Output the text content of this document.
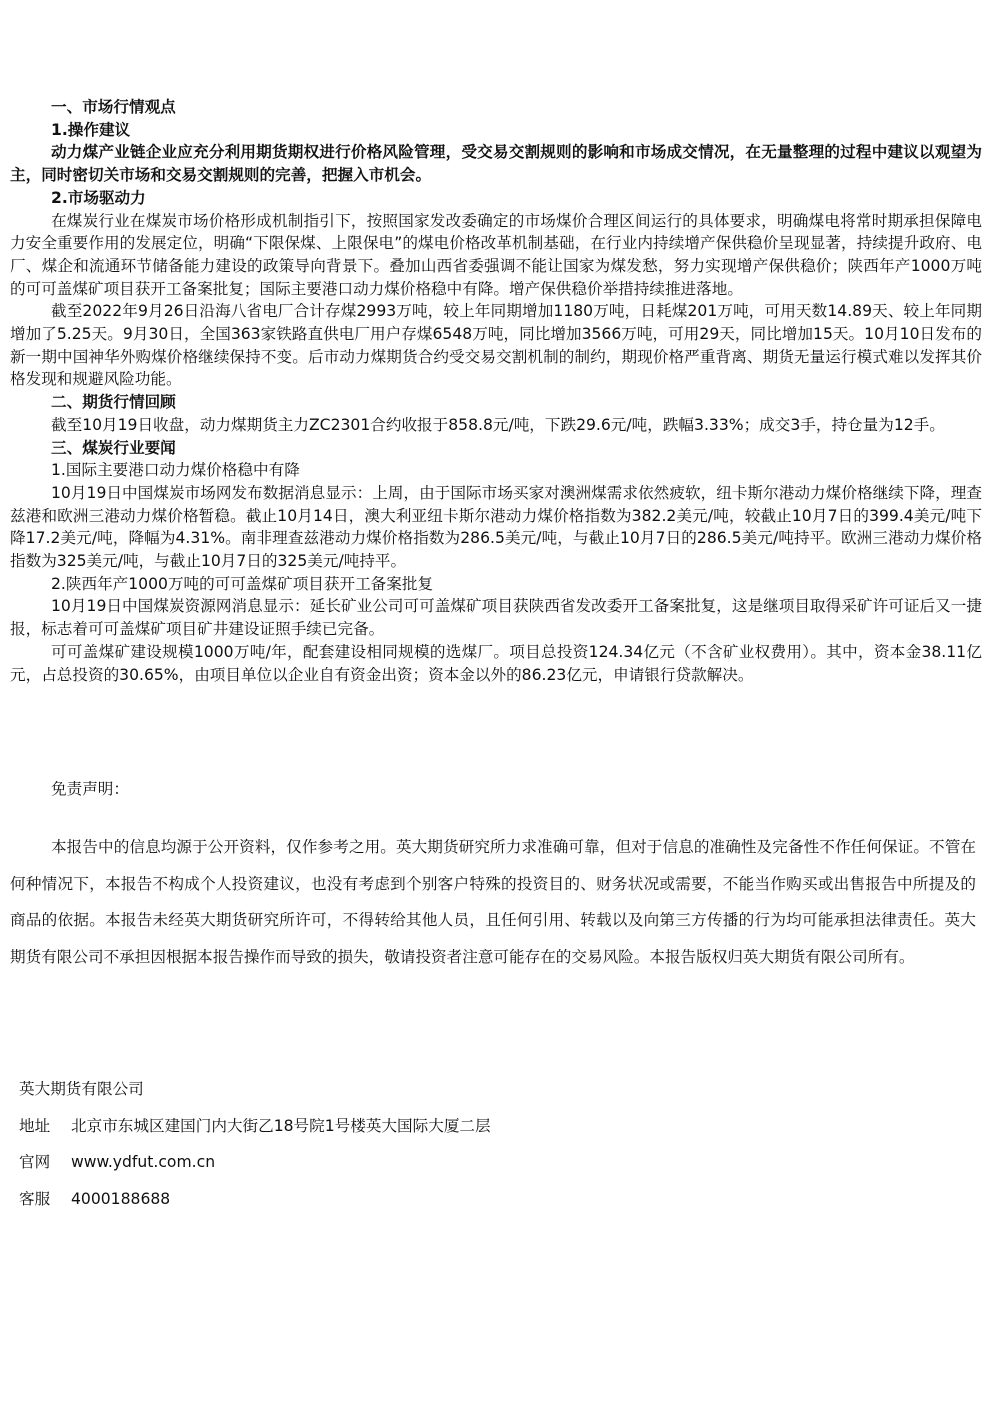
一、市场行情观点

1.操作建议

动力煤产业链企业应充分利用期货期权进行价格风险管理，受交易交割规则的影响和市场成交情况，在无量整理的过程中建议以观望为主，同时密切关市场和交易交割规则的完善，把握入市机会。

2.市场驱动力

在煤炭行业在煤炭市场价格形成机制指引下，按照国家发改委确定的市场煤价合理区间运行的具体要求，明确煤电将常时期承担保障电力安全重要作用的发展定位，明确“下限保煤、上限保电”的煤电价格改革机制基础，在行业内持续增产保供稳价呈现显著，持续提升政府、电厂、煤企和流通环节储备能力建设的政策导向背景下。叠加山西省委强调不能让国家为煤发愁，努力实现增产保供稳价；陕西年产1000万吨的可可盖煤矿项目获开工备案批复；国际主要港口动力煤价格稳中有降。增产保供稳价举措持续推进落地。

截至2022年9月26日沿海八省电厂合计存煤2993万吨，较上年同期增加1180万吨，日耗煤201万吨，可用天数14.89天、较上年同期增加了5.25天。9月30日，全国363家铁路直供电厂用户存煤6548万吨，同比增加3566万吨，可用29天，同比增加15天。10月10日发布的新一期中国神华外购煤价格继续保持不变。后市动力煤期货合约受交易交割机制的制约，期现价格严重背离、期货无量运行模式难以发挥其价格发现和规避风险功能。

二、期货行情回顾

截至10月19日收盘，动力煤期货主力ZC2301合约收报于858.8元/吨，下跌29.6元/吨，跌幅3.33%；成交3手，持仓量为12手。

三、煤炭行业要闻

1.国际主要港口动力煤价格稳中有降

10月19日中国煤炭市场网发布数据消息显示：上周，由于国际市场买家对澳洲煤需求依然疲软，纽卡斯尔港动力煤价格继续下降，理查兹港和欧洲三港动力煤价格暂稳。截止10月14日，澳大利亚纽卡斯尔港动力煤价格指数为382.2美元/吨，较截止10月7日的399.4美元/吨下降17.2美元/吨，降幅为4.31%。南非理查兹港动力煤价格指数为286.5美元/吨，与截止10月7日的286.5美元/吨持平。欧洲三港动力煤价格指数为325美元/吨，与截止10月7日的325美元/吨持平。

2.陕西年产1000万吨的可可盖煤矿项目获开工备案批复

10月19日中国煤炭资源网消息显示：延长矿业公司可可盖煤矿项目获陕西省发改委开工备案批复，这是继项目取得采矿许可证后又一捷报，标志着可可盖煤矿项目矿井建设证照手续已完备。

可可盖煤矿建设规模1000万吨/年，配套建设相同规模的选煤厂。项目总投资124.34亿元（不含矿业权费用）。其中，资本金38.11亿元，占总投资的30.65%，由项目单位以企业自有资金出资；资本金以外的86.23亿元，申请银行贷款解决。

免责声明：
本报告中的信息均源于公开资料，仅作参考之用。英大期货研究所力求准确可靠，但对于信息的准确性及完备性不作任何保证。不管在何种情况下，本报告不构成个人投资建议，也没有考虑到个别客户特殊的投资目的、财务状况或需要，不能当作购买或出售报告中所提及的商品的依据。本报告未经英大期货研究所许可，不得转给其他人员，且任何引用、转载以及向第三方传播的行为均可能承担法律责任。英大期货有限公司不承担因根据本报告操作而导致的损失，敬请投资者注意可能存在的交易风险。本报告版权归英大期货有限公司所有。
英大期货有限公司
地址 北京市东城区建国门内大街乙18号院1号楼英大国际大厦二层
官网 www.ydfut.com.cn
客服 4000188688
